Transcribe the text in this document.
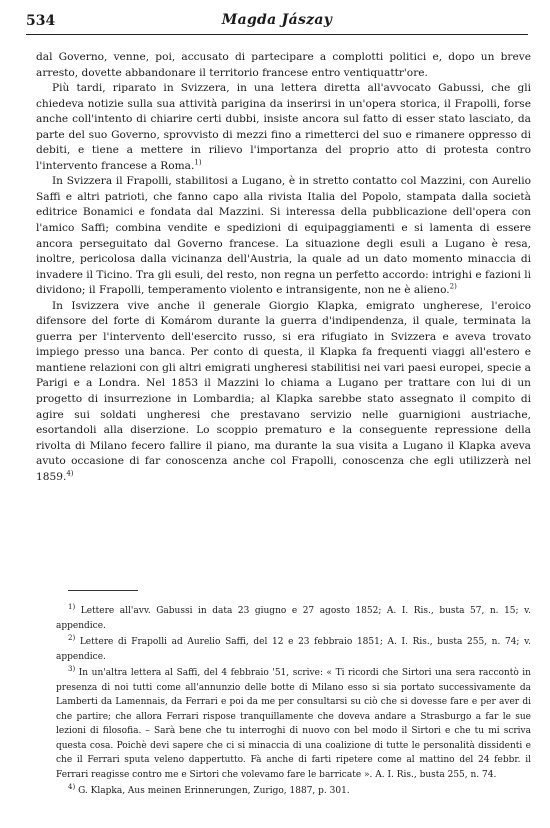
534	Magda Jászay

dal Governo, venne, poi, accusato di partecipare a complotti politici e, dopo un breve arresto, dovette abbandonare il territorio francese entro ventiquattr'ore.

Più tardi, riparato in Svizzera, in una lettera diretta all'avvocato Gabussi, che gli chiedeva notizie sulla sua attività parigina da inserirsi in un'opera storica, il Frapolli, forse anche coll'intento di chiarire certi dubbi, insiste ancora sul fatto di esser stato lasciato, da parte del suo Governo, sprovvisto di mezzi fino a rimetterci del suo e rimanere oppresso di debiti, e tiene a mettere in rilievo l'importanza del proprio atto di protesta contro l'intervento francese a Roma.$^{1)}$

In Svizzera il Frapolli, stabilitosi a Lugano, è in stretto contatto col Mazzini, con Aurelio Saffi e altri patrioti, che fanno capo alla rivista Italia del Popolo, stampata dalla società editrice Bonamici e fondata dal Mazzini. Si interessa della pubblicazione dell'opera con l'amico Saffi; combina vendite e spedizioni di equipaggiamenti e si lamenta di essere ancora perseguitato dal Governo francese. La situazione degli esuli a Lugano è resa, inoltre, pericolosa dalla vicinanza dell'Austria, la quale ad un dato momento minaccia di invadere il Ticino. Tra gli esuli, del resto, non regna un perfetto accordo: intrighi e fazioni li dividono; il Frapolli, temperamento violento e intransigente, non ne è alieno.$^{2)}$

In Isvizzera vive anche il generale Giorgio Klapka, emigrato ungherese, l'eroico difensore del forte di Komárom durante la guerra d'indipendenza, il quale, terminata la guerra per l'intervento dell'esercito russo, si era rifugiato in Svizzera e aveva trovato impiego presso una banca. Per conto di questa, il Klapka fa frequenti viaggi all'estero e mantiene relazioni con gli altri emigrati ungheresi stabilitisi nei vari paesi europei, specie a Parigi e a Londra. Nel 1853 il Mazzini lo chiama a Lugano per trattare con lui di un progetto di insurrezione in Lombardia; al Klapka sarebbe stato assegnato il compito di agire sui soldati ungheresi che prestavano servizio nelle guarnigioni austriache, esortandoli alla diserzione. Lo scoppio prematuro e la conseguente repressione della rivolta di Milano fecero fallire il piano, ma durante la sua visita a Lugano il Klapka aveva avuto occasione di far conoscenza anche col Frapolli, conoscenza che egli utilizzerà nel 1859.$^{4)}$

$^{1)}$ Lettere all'avv. Gabussi in data 23 giugno e 27 agosto 1852; A. I. Ris., busta 57, n. 15; v. appendice.

$^{2)}$ Lettere di Frapolli ad Aurelio Saffi, del 12 e 23 febbraio 1851; A. I. Ris., busta 255, n. 74; v. appendice.

$^{3)}$ In un'altra lettera al Saffi, del 4 febbraio '51, scrive: « Ti ricordi che Sirtori una sera raccontò in presenza di noi tutti come all'annunzio delle botte di Milano esso si sia portato successivamente da Lamberti da Lamennais, da Ferrari e poi da me per consultarsi su ciò che si dovesse fare e per aver di che partire; che allora Ferrari rispose tranquillamente che doveva andare a Strasburgo a far le sue lezioni di filosofia. – Sarà bene che tu interroghi di nuovo con bel modo il Sirtori e che tu mi scriva questa cosa. Poichè devi sapere che ci si minaccia di una coalizione di tutte le personalità dissidenti e che il Ferrari sputa veleno dappertutto. Fà anche di farti ripetere come al mattino del 24 febbr. il Ferrari reagisse contro me e Sirtori che volevamo fare le barricate ». A. I. Ris., busta 255, n. 74.

$^{4)}$ G. Klapka, Aus meinen Erinnerungen, Zurigo, 1887, p. 301.
